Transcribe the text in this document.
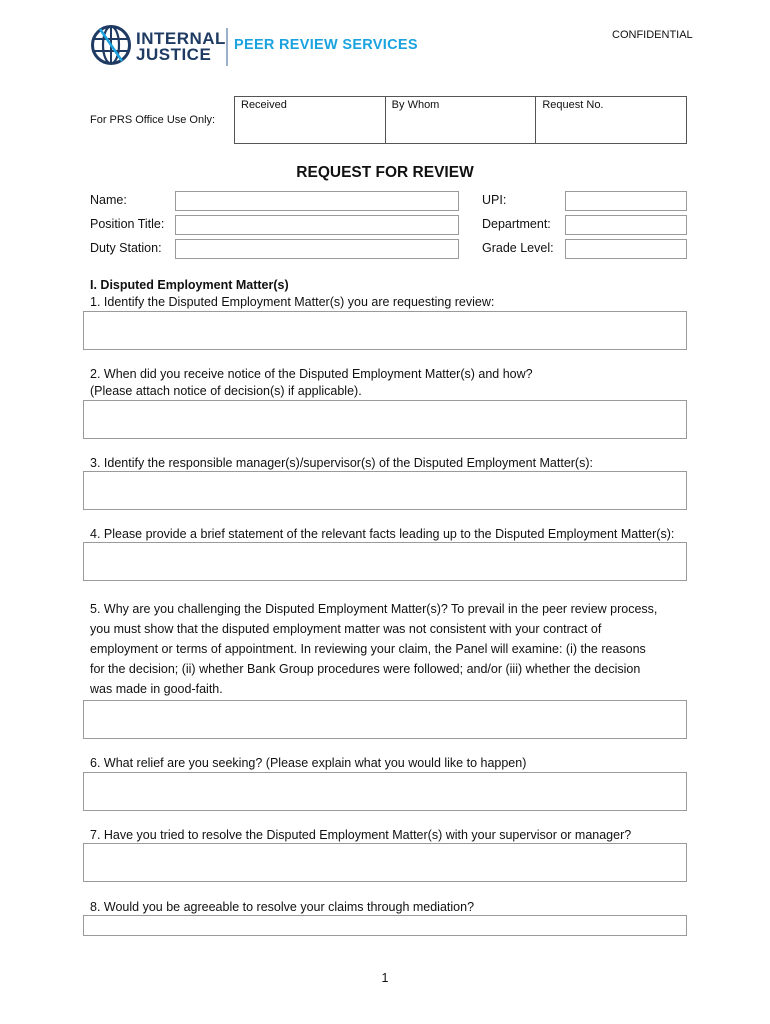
INTERNAL
JUSTICE PEER REVIEW SERVICES
CONFIDENTIAL
For PRS Office Use Only:
Received	By Whom	Request No.
REQUEST FOR REVIEW
Name:	UPI:
Position Title:	Department:
Duty Station:	Grade Level:
I. Disputed Employment Matter(s)
1. Identify the Disputed Employment Matter(s) you are requesting review:
2. When did you receive notice of the Disputed Employment Matter(s) and how?
(Please attach notice of decision(s) if applicable).
3. Identify the responsible manager(s)/supervisor(s) of the Disputed Employment Matter(s):
4. Please provide a brief statement of the relevant facts leading up to the Disputed Employment Matter(s):
5. Why are you challenging the Disputed Employment Matter(s)? To prevail in the peer review process,
you must show that the disputed employment matter was not consistent with your contract of
employment or terms of appointment. In reviewing your claim, the Panel will examine: (i) the reasons
for the decision; (ii) whether Bank Group procedures were followed; and/or (iii) whether the decision
was made in good-faith.
6. What relief are you seeking? (Please explain what you would like to happen)
7. Have you tried to resolve the Disputed Employment Matter(s) with your supervisor or manager?
8. Would you be agreeable to resolve your claims through mediation?
1
